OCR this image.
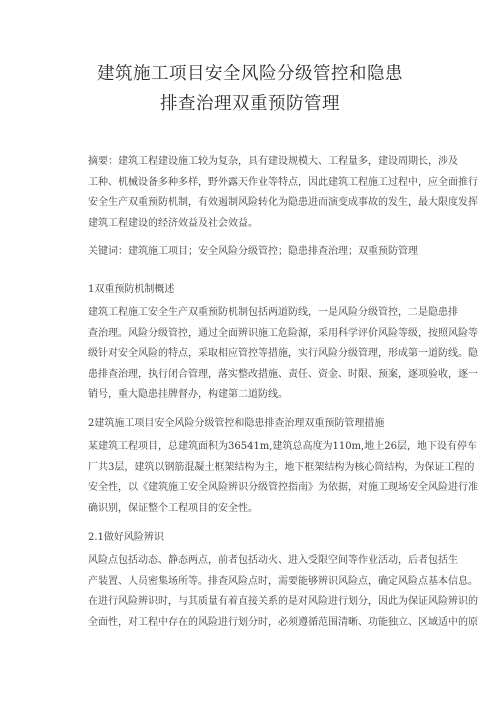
建筑施工项目安全风险分级管控和隐患
排查治理双重预防管理
摘要：建筑工程建设施工较为复杂，具有建设规模大、工程量多，建设周期长，涉及
工种、机械设备多种多样，野外露天作业等特点，因此建筑工程施工过程中，应全面推行
安全生产双重预防机制，有效遏制风险转化为隐患进而演变成事故的发生，最大限度发挥
建筑工程建设的经济效益及社会效益。
关键词：建筑施工项目；安全风险分级管控；隐患排查治理；双重预防管理
1双重预防机制概述
建筑工程施工安全生产双重预防机制包括两道防线，一是风险分级管控，二是隐患排
查治理。风险分级管控，通过全面辨识施工危险源，采用科学评价风险等级，按照风险等
级针对安全风险的特点，采取相应管控等措施，实行风险分级管理，形成第一道防线。隐
患排查治理，执行闭合管理，落实整改措施、责任、资金、时限、预案，逐项验收，逐一
销号，重大隐患挂牌督办，构建第二道防线。
2建筑施工项目安全风险分级管控和隐患排查治理双重预防管理措施
某建筑工程项目，总建筑面积为36541m,建筑总高度为110m,地上26层，地下设有停车
厂共3层，建筑以钢筋混凝土框架结构为主，地下框架结构为核心筒结构，为保证工程的
安全性，以《建筑施工安全风险辨识分级管控指南》为依据，对施工现场安全风险进行准
确识别，保证整个工程项目的安全性。
2.1做好风险辨识
风险点包括动态、静态两点，前者包括动火、进入受限空间等作业活动，后者包括生
产装置、人员密集场所等。排查风险点时，需要能够辨识风险点，确定风险点基本信息。
在进行风险辨识时，与其质量有着直接关系的是对风险进行划分，因此为保证风险辨识的
全面性，对工程中存在的风险进行划分时，必须遵循范围清晰、功能独立、区域适中的原
